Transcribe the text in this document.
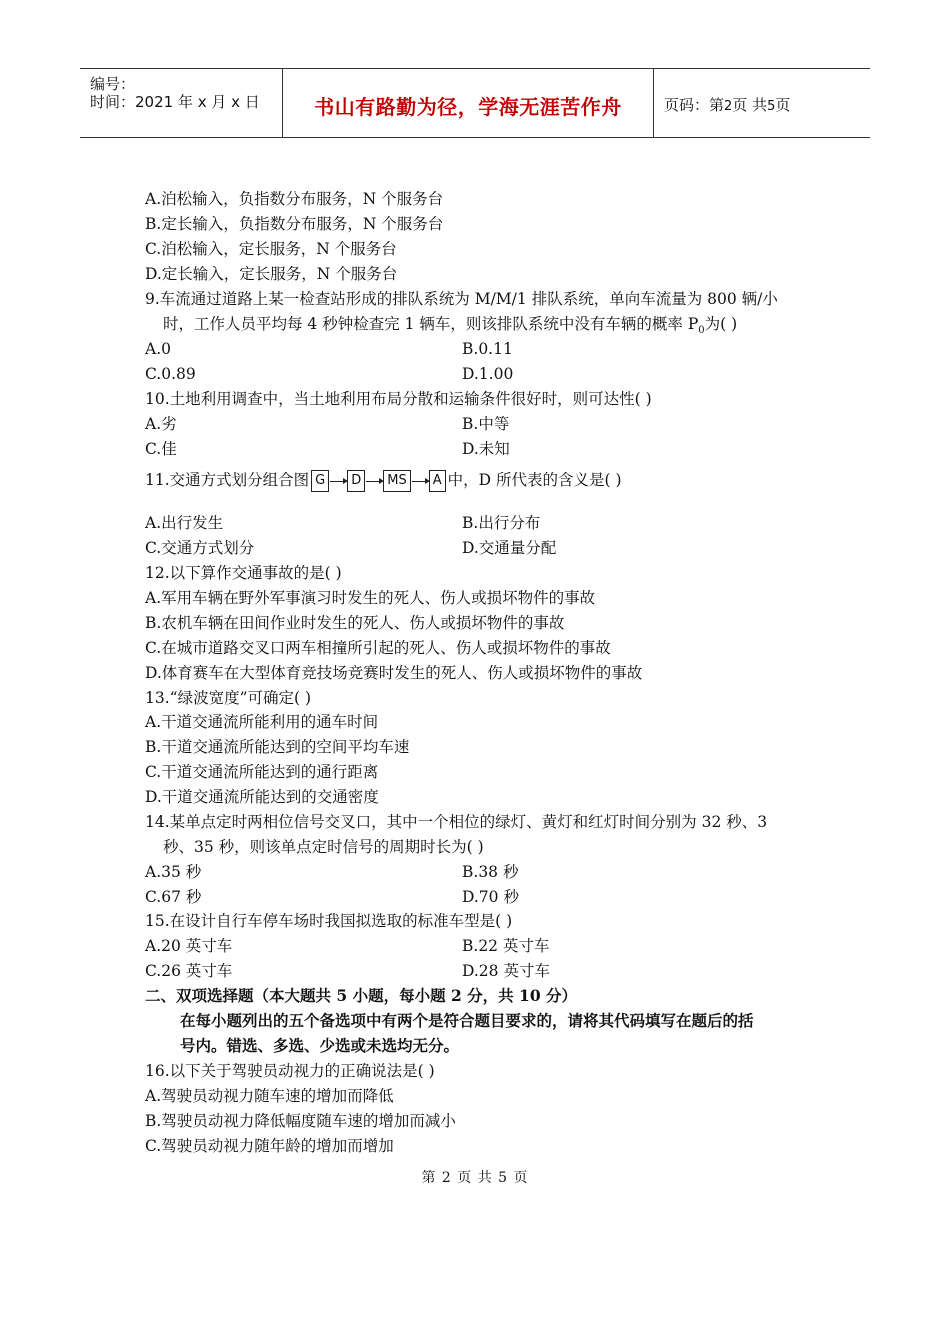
编号：
时间：2021 年 x 月 x 日	书山有路勤为径，学海无涯苦作舟	页码：第2页 共5页
A.泊松输入，负指数分布服务，N 个服务台
B.定长输入，负指数分布服务，N 个服务台
C.泊松输入，定长服务，N 个服务台
D.定长输入，定长服务，N 个服务台
9.车流通过道路上某一检查站形成的排队系统为 M/M/1 排队系统，单向车流量为 800 辆/小
时，工作人员平均每 4 秒钟检查完 1 辆车，则该排队系统中没有车辆的概率 $P_0$为( )
A.0	B.0.11
C.0.89	D.1.00
10.土地利用调查中，当土地利用布局分散和运输条件很好时，则可达性( )
A.劣	B.中等
C.佳	D.未知
11.交通方式划分组合图 G D MS A 中，D 所代表的含义是( )
A.出行发生	B.出行分布
C.交通方式划分	D.交通量分配
12.以下算作交通事故的是( )
A.军用车辆在野外军事演习时发生的死人、伤人或损坏物件的事故
B.农机车辆在田间作业时发生的死人、伤人或损坏物件的事故
C.在城市道路交叉口两车相撞所引起的死人、伤人或损坏物件的事故
D.体育赛车在大型体育竞技场竞赛时发生的死人、伤人或损坏物件的事故
13.“绿波宽度”可确定( )
A.干道交通流所能利用的通车时间
B.干道交通流所能达到的空间平均车速
C.干道交通流所能达到的通行距离
D.干道交通流所能达到的交通密度
14.某单点定时两相位信号交叉口，其中一个相位的绿灯、黄灯和红灯时间分别为 32 秒、3
秒、35 秒，则该单点定时信号的周期时长为( )
A.35 秒	B.38 秒
C.67 秒	D.70 秒
15.在设计自行车停车场时我国拟选取的标准车型是( )
A.20 英寸车	B.22 英寸车
C.26 英寸车	D.28 英寸车
二、双项选择题（本大题共 5 小题，每小题 2 分，共 10 分）
在每小题列出的五个备选项中有两个是符合题目要求的，请将其代码填写在题后的括
号内。错选、多选、少选或未选均无分。
16.以下关于驾驶员动视力的正确说法是( )
A.驾驶员动视力随车速的增加而降低
B.驾驶员动视力降低幅度随车速的增加而减小
C.驾驶员动视力随年龄的增加而增加
第 2 页 共 5 页
